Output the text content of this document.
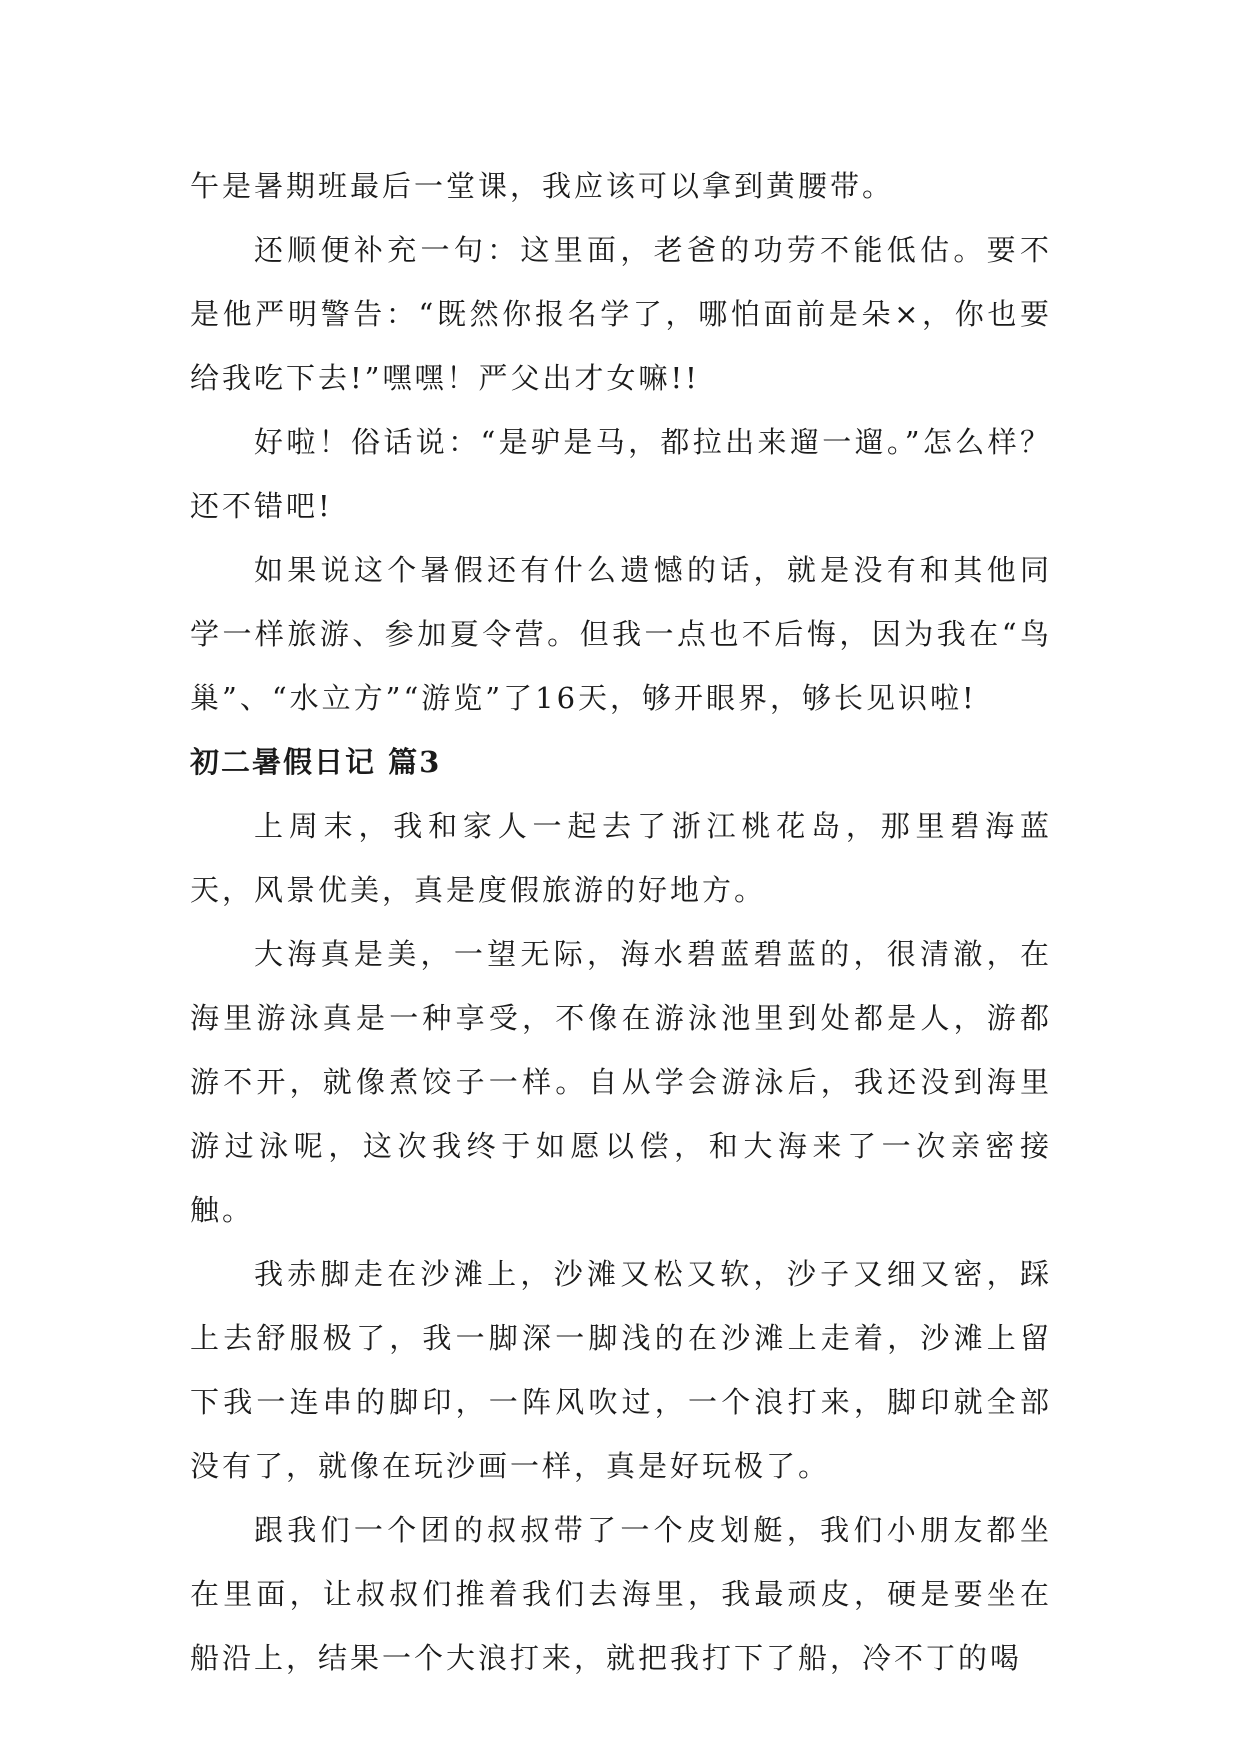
午是暑期班最后一堂课，我应该可以拿到黄腰带。

还顺便补充一句：这里面，老爸的功劳不能低估。要不是他严明警告：“既然你报名学了，哪怕面前是朵×，你也要给我吃下去!”嘿嘿！严父出才女嘛!!

好啦！俗话说：“是驴是马，都拉出来遛一遛。”怎么样？还不错吧!

如果说这个暑假还有什么遗憾的话，就是没有和其他同学一样旅游、参加夏令营。但我一点也不后悔，因为我在“鸟巢”、“水立方”“游览”了16天，够开眼界，够长见识啦!

初二暑假日记 篇3

上周末，我和家人一起去了浙江桃花岛，那里碧海蓝天，风景优美，真是度假旅游的好地方。

大海真是美，一望无际，海水碧蓝碧蓝的，很清澈，在海里游泳真是一种享受，不像在游泳池里到处都是人，游都游不开，就像煮饺子一样。自从学会游泳后，我还没到海里游过泳呢，这次我终于如愿以偿，和大海来了一次亲密接触。

我赤脚走在沙滩上，沙滩又松又软，沙子又细又密，踩上去舒服极了，我一脚深一脚浅的在沙滩上走着，沙滩上留下我一连串的脚印，一阵风吹过，一个浪打来，脚印就全部没有了，就像在玩沙画一样，真是好玩极了。

跟我们一个团的叔叔带了一个皮划艇，我们小朋友都坐在里面，让叔叔们推着我们去海里，我最顽皮，硬是要坐在船沿上，结果一个大浪打来，就把我打下了船，冷不丁的喝
